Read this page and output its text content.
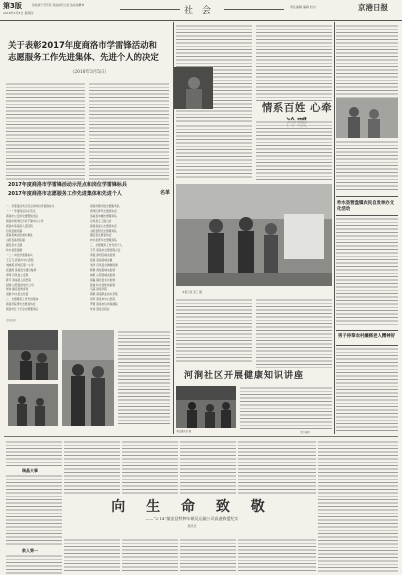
第3版	焦裕禄干部学院 焦裕禄纪念馆 焦裕禄精神
2018年3月8日 星期四	社 会	责任编辑 编辑 校对	京港日报
关于表彰2017年度商洛市学雷锋活动和
志愿服务工作先进集体、先进个人的决定
（2018年3月5日）
2017年度商洛市学雷锋活动示范点和岗位学雷锋标兵
2017年度商洛市志愿服务工作先进集体和先进个人	名单
一、学雷锋活动示范点和岗位学雷锋标兵
（一）学雷锋活动示范点
商洛市公安局交通警察支队
商洛市商州区沙河子镇中心小学
商洛市洛南县人民医院
丹凤县棣花镇
商南县城关街道办事处
山阳县高坝店镇
镇安县木王镇
柞水县营盘镇
（二）岗位学雷锋标兵
王云飞 商洛市中心医院
刘晓燕 商州区第一小学
张建国 洛南县交通运输局
李明 丹凤县公安局
陈芳 商南县人民医院
赵刚 山阳县供电分公司
周伟 镇安县教育局
吴敏 柞水县文化馆
二、志愿服务工作先进集体
商洛学院青年志愿者协会
商洛市红十字会志愿服务队
商洛市图书馆志愿服务队
商州区青年志愿者协会
洛南县巾帼志愿服务队
丹凤县义工联合会
商南县爱心志愿者协会
山阳县阳光志愿服务队
镇安县志愿者协会
柞水县青年志愿服务队
三、志愿服务工作先进个人
王芳 商洛市志愿者联合会
李强 商州区城关街道
张丽 洛南县城关镇
刘洋 丹凤县龙驹寨街道
陈静 商南县城关街道
杨帆 山阳县城关街道
黄磊 镇安县永乐街道
孙丽 柞水县乾佑街道
马超 商洛学院
郭敏 商洛职业技术学院
何军 商洛市中心医院
罗霞 商洛市妇幼保健院
朱伟 商洛日报社
情系百姓 心牵
柞水县营盘镇农民自发举办文化活动
本报记者 张三 摄
河涧社区开展健康知识讲座
本报通讯员 摄
男子侍奉农村瘫痪老人精神好
瑞晶大事
救人第一
向 生 命 致 敬
——“2·14”镇安县特种车辆及运输公司高速救援纪实
通讯员
资料来源
责任编辑
